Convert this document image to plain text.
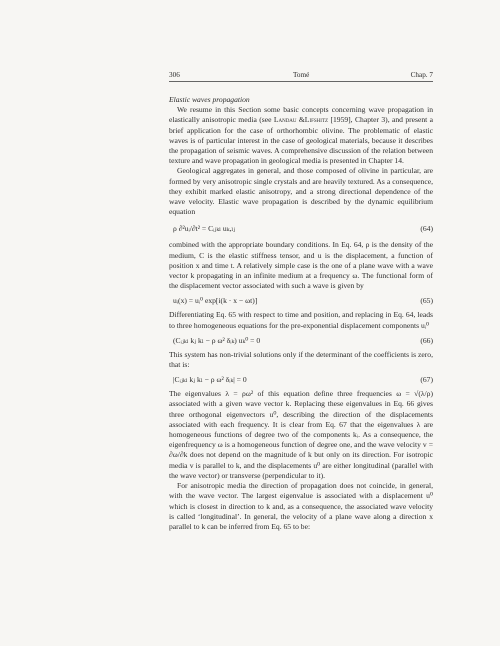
306	Tomé	Chap. 7

Elastic waves propagation

We resume in this Section some basic concepts concerning wave propagation in elastically anisotropic media (see Landau &Lifshitz [1959], Chapter 3), and present a brief application for the case of orthorhombic olivine. The problematic of elastic waves is of particular interest in the case of geological materials, because it describes the propagation of seismic waves. A comprehensive discussion of the relation between texture and wave propagation in geological media is presented in Chapter 14.

Geological aggregates in general, and those composed of olivine in particular, are formed by very anisotropic single crystals and are heavily textured. As a consequence, they exhibit marked elastic anisotropy, and a strong directional dependence of the wave velocity. Elastic wave propagation is described by the dynamic equilibrium equation

ρ ∂²uᵢ/∂t² = Cᵢⱼₖₗ uₖ,ₗⱼ	(64)

combined with the appropriate boundary conditions. In Eq. 64, ρ is the density of the medium, C is the elastic stiffness tensor, and u is the displacement, a function of position x and time t. A relatively simple case is the one of a plane wave with a wave vector k propagating in an infinite medium at a frequency ω. The functional form of the displacement vector associated with such a wave is given by

uᵢ(x) = uᵢ⁰ exp[i(k · x − ωt)]	(65)

Differentiating Eq. 65 with respect to time and position, and replacing in Eq. 64, leads to three homogeneous equations for the pre-exponential displacement components uᵢ⁰

(Cᵢⱼₖₗ kⱼ kₗ − ρ ω² δᵢₖ) uₖ⁰ = 0	(66)

This system has non-trivial solutions only if the determinant of the coefficients is zero, that is:

|Cᵢⱼₖₗ kⱼ kₗ − ρ ω² δᵢₖ| = 0	(67)

The eigenvalues λ = ρω² of this equation define three frequencies ω = √(λ/ρ) associated with a given wave vector k. Replacing these eigenvalues in Eq. 66 gives three orthogonal eigenvectors u⁰, describing the direction of the displacements associated with each frequency. It is clear from Eq. 67 that the eigenvalues λ are homogeneous functions of degree two of the components kᵢ. As a consequence, the eigenfrequency ω is a homogeneous function of degree one, and the wave velocity v = ∂ω/∂k does not depend on the magnitude of k but only on its direction. For isotropic media v is parallel to k, and the displacements u⁰ are either longitudinal (parallel with the wave vector) or transverse (perpendicular to it).

For anisotropic media the direction of propagation does not coincide, in general, with the wave vector. The largest eigenvalue is associated with a displacement u⁰ which is closest in direction to k and, as a consequence, the associated wave velocity is called ‘longitudinal’. In general, the velocity of a plane wave along a direction x parallel to k can be inferred from Eq. 65 to be:
